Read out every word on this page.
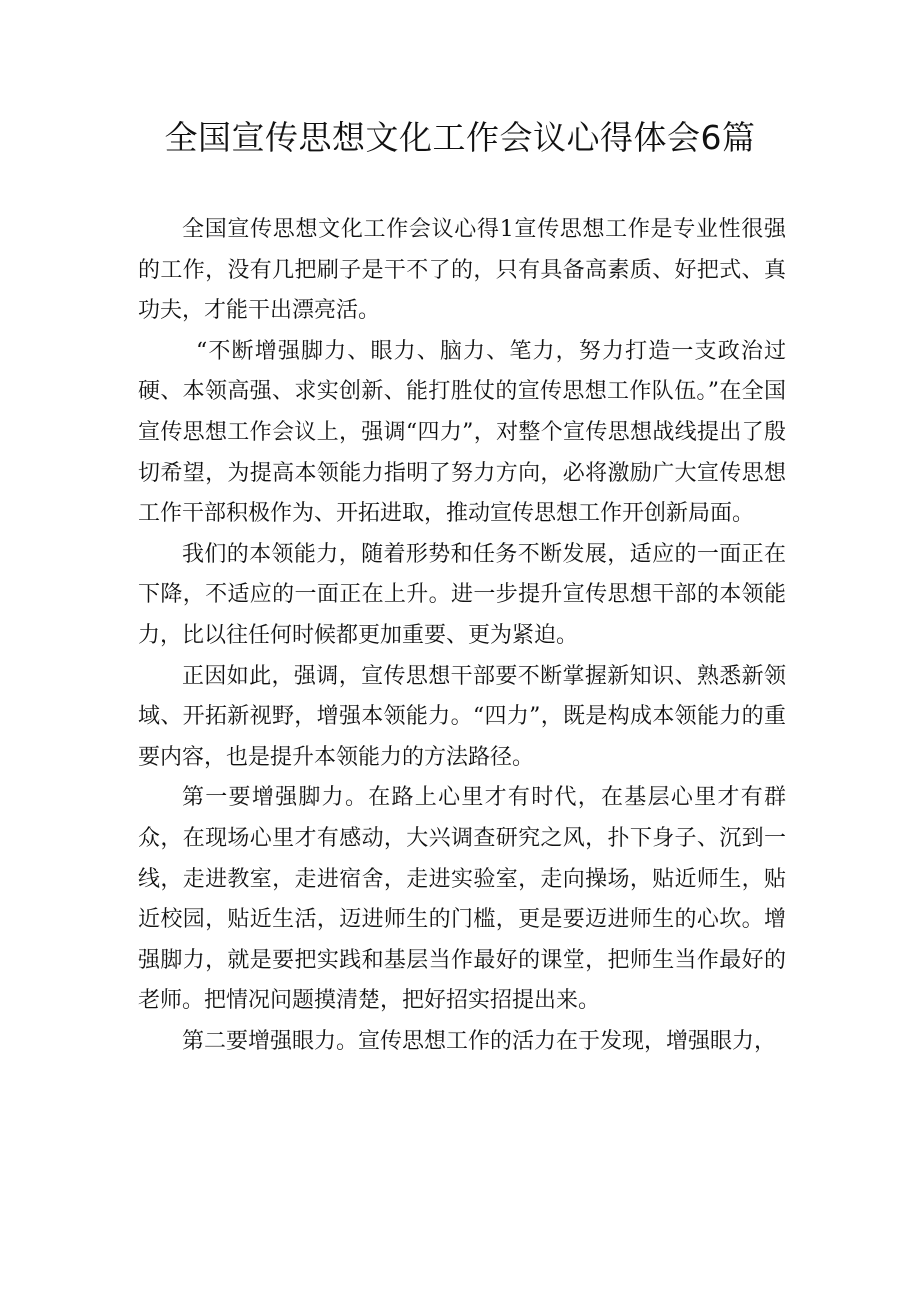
全国宣传思想文化工作会议心得体会6篇

全国宣传思想文化工作会议心得1宣传思想工作是专业性很强的工作，没有几把刷子是干不了的，只有具备高素质、好把式、真功夫，才能干出漂亮活。

“不断增强脚力、眼力、脑力、笔力，努力打造一支政治过硬、本领高强、求实创新、能打胜仗的宣传思想工作队伍。”在全国宣传思想工作会议上，强调“四力”，对整个宣传思想战线提出了殷切希望，为提高本领能力指明了努力方向，必将激励广大宣传思想工作干部积极作为、开拓进取，推动宣传思想工作开创新局面。

我们的本领能力，随着形势和任务不断发展，适应的一面正在下降，不适应的一面正在上升。进一步提升宣传思想干部的本领能力，比以往任何时候都更加重要、更为紧迫。

正因如此，强调，宣传思想干部要不断掌握新知识、熟悉新领域、开拓新视野，增强本领能力。“四力”，既是构成本领能力的重要内容，也是提升本领能力的方法路径。

第一要增强脚力。在路上心里才有时代，在基层心里才有群众，在现场心里才有感动，大兴调查研究之风，扑下身子、沉到一线，走进教室，走进宿舍，走进实验室，走向操场，贴近师生，贴近校园，贴近生活，迈进师生的门槛，更是要迈进师生的心坎。增强脚力，就是要把实践和基层当作最好的课堂，把师生当作最好的老师。把情况问题摸清楚，把好招实招提出来。

第二要增强眼力。宣传思想工作的活力在于发现，增强眼力，
